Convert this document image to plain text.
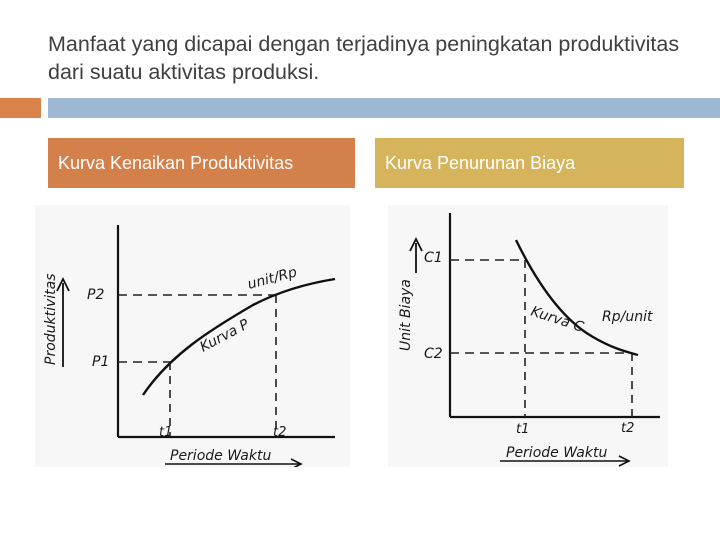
Manfaat yang dicapai dengan terjadinya peningkatan produktivitas dari suatu aktivitas produksi.
Kurva Kenaikan Produktivitas	Kurva Penurunan Biaya
Produktivitas P2
P1
t1	t2
unit/Rp
Kurva P
Periode Waktu
Unit Biaya
C1
C2
t1	t2
Kurva C Rp/unit
Periode Waktu
